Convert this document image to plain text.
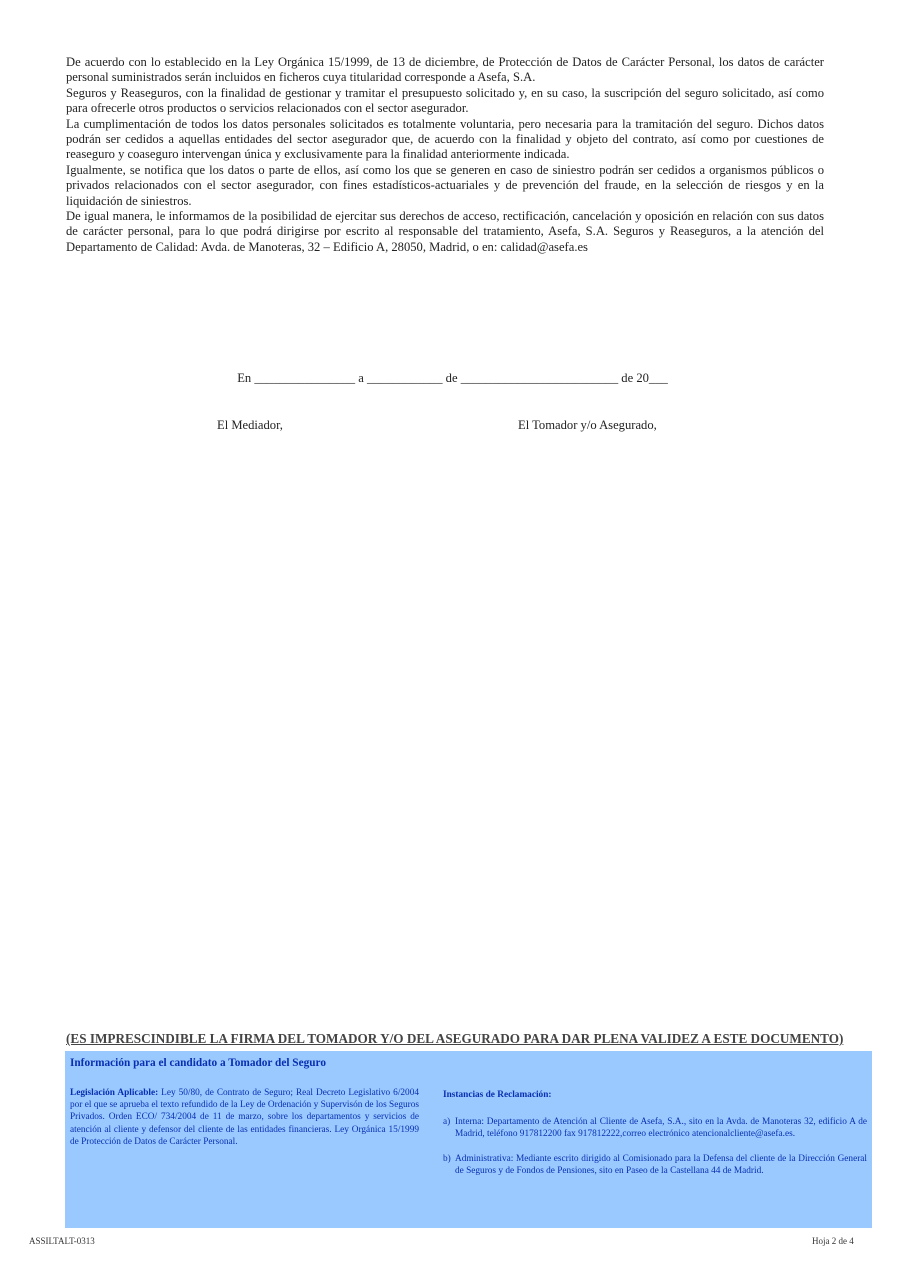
De acuerdo con lo establecido en la Ley Orgánica 15/1999, de 13 de diciembre, de Protección de Datos de Carácter Personal, los datos de carácter personal suministrados serán incluidos en ficheros cuya titularidad corresponde a Asefa, S.A.

Seguros y Reaseguros, con la finalidad de gestionar y tramitar el presupuesto solicitado y, en su caso, la suscripción del seguro solicitado, así como para ofrecerle otros productos o servicios relacionados con el sector asegurador.

La cumplimentación de todos los datos personales solicitados es totalmente voluntaria, pero necesaria para la tramitación del seguro. Dichos datos podrán ser cedidos a aquellas entidades del sector asegurador que, de acuerdo con la finalidad y objeto del contrato, así como por cuestiones de reaseguro y coaseguro intervengan única y exclusivamente para la finalidad anteriormente indicada.

Igualmente, se notifica que los datos o parte de ellos, así como los que se generen en caso de siniestro podrán ser cedidos a organismos públicos o privados relacionados con el sector asegurador, con fines estadísticos-actuariales y de prevención del fraude, en la selección de riesgos y en la liquidación de siniestros.

De igual manera, le informamos de la posibilidad de ejercitar sus derechos de acceso, rectificación, cancelación y oposición en relación con sus datos de carácter personal, para lo que podrá dirigirse por escrito al responsable del tratamiento, Asefa, S.A. Seguros y Reaseguros, a la atención del Departamento de Calidad: Avda. de Manoteras, 32 – Edificio A, 28050, Madrid, o en: calidad@asefa.es

En ________________ a ____________ de _________________________ de 20___
El Mediador,	El Tomador y/o Asegurado,
(ES IMPRESCINDIBLE LA FIRMA DEL TOMADOR Y/O DEL ASEGURADO PARA DAR PLENA VALIDEZ A ESTE DOCUMENTO)
Información para el candidato a Tomador del Seguro
Legislación Aplicable: Ley 50/80, de Contrato de Seguro; Real Decreto Legislativo 6/2004 por el que se aprueba el texto refundido de la Ley de Ordenación y Supervisón de los Seguros Privados. Orden ECO/ 734/2004 de 11 de marzo, sobre los departamentos y servicios de atención al cliente y defensor del cliente de las entidades financieras. Ley Orgánica 15/1999 de Protección de Datos de Carácter Personal.
Instancias de Reclamación:
a) Interna: Departamento de Atención al Cliente de Asefa, S.A., sito en la Avda. de Manoteras 32, edificio A de Madrid, teléfono 917812200 fax 917812222,correo electrónico atencionalcliente@asefa.es.
b) Administrativa: Mediante escrito dirigido al Comisionado para la Defensa del cliente de la Dirección General de Seguros y de Fondos de Pensiones, sito en Paseo de la Castellana 44 de Madrid.
ASSILTALT-0313	Hoja 2 de 4
